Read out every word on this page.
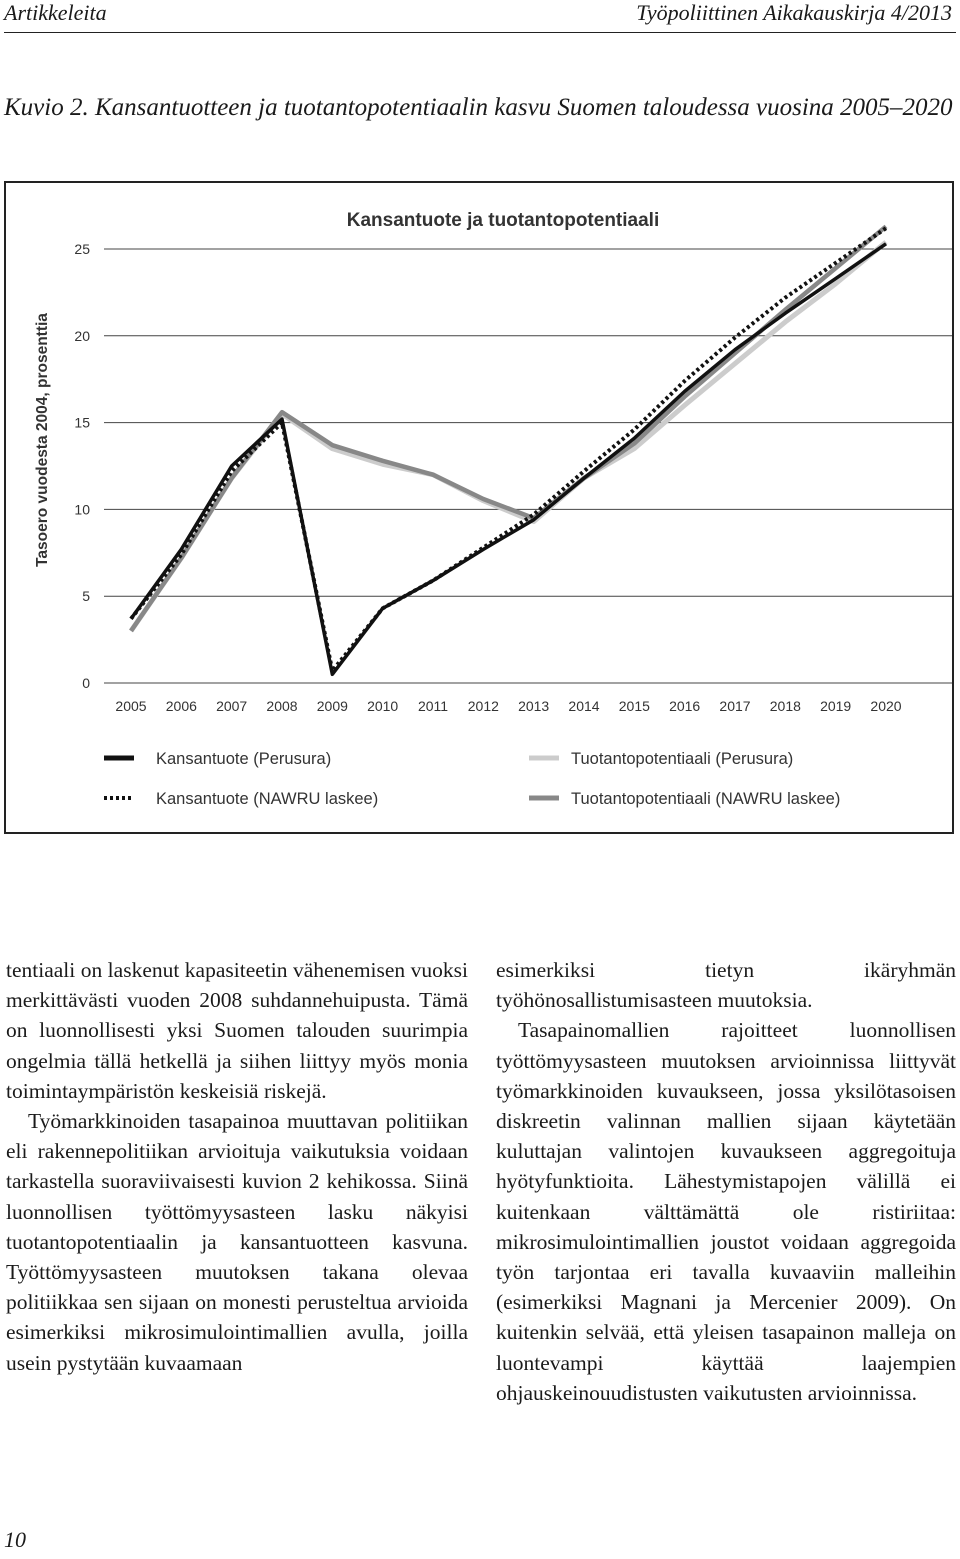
Artikkeleita	Työpoliittinen Aikakauskirja 4/2013
Kuvio 2. Kansantuotteen ja tuotantopotentiaalin kasvu Suomen taloudessa vuosina 2005–2020
Kansantuote ja tuotantopotentiaali
Tasoero vuodesta 2004, prosenttia
25
20
15
10
5
0
2005 2006 2007 2008 2009 2010 2011 2012 2013 2014 2015 2016 2017 2018 2019 2020
Kansantuote (Perusura)	Tuotantopotentiaali (Perusura)
Kansantuote (NAWRU laskee)	Tuotantopotentiaali (NAWRU laskee)

tentiaali on laskenut kapasiteetin vähenemisen vuoksi merkittävästi vuoden 2008 suhdannehuipusta. Tämä on luonnollisesti yksi Suomen talouden suurimpia ongelmia tällä hetkellä ja siihen liittyy myös monia toimintaympäristön keskeisiä riskejä.

Työmarkkinoiden tasapainoa muuttavan politiikan eli rakennepolitiikan arvioituja vaikutuksia voidaan tarkastella suoraviivaisesti kuvion 2 kehikossa. Siinä luonnollisen työttömyysasteen lasku näkyisi tuotantopotentiaalin ja kansantuotteen kasvuna. Työttömyysasteen muutoksen takana olevaa politiikkaa sen sijaan on monesti perusteltua arvioida esimerkiksi mikrosimulointimallien avulla, joilla usein pystytään kuvaamaan

esimerkiksi tietyn ikäryhmän työhönosallistumisasteen muutoksia.

Tasapainomallien rajoitteet luonnollisen työttömyysasteen muutoksen arvioinnissa liittyvät työmarkkinoiden kuvaukseen, jossa yksilötasoisen diskreetin valinnan mallien sijaan käytetään kuluttajan valintojen kuvaukseen aggregoituja hyötyfunktioita. Lähestymistapojen välillä ei kuitenkaan välttämättä ole ristiriitaa: mikrosimulointimallien joustot voidaan aggregoida työn tarjontaa eri tavalla kuvaaviin malleihin (esimerkiksi Magnani ja Mercenier 2009). On kuitenkin selvää, että yleisen tasapainon malleja on luontevampi käyttää laajempien ohjauskeinouudistusten vaikutusten arvioinnissa.

10
